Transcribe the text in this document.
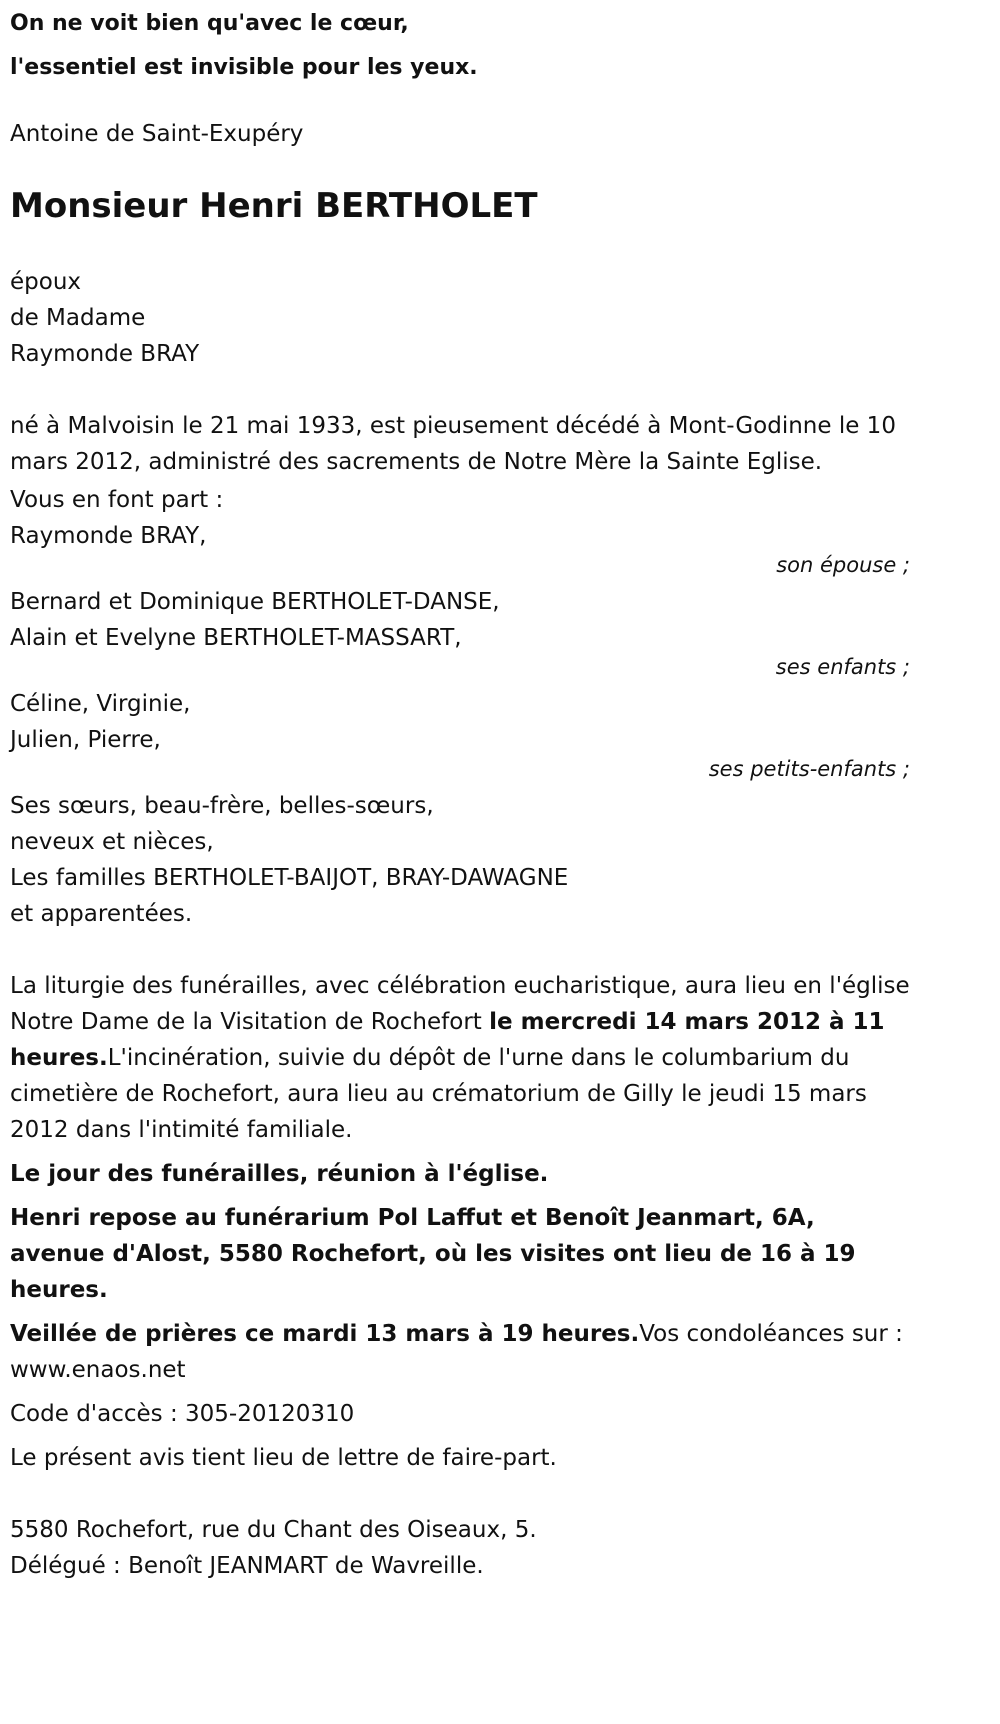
On ne voit bien qu'avec le cœur,
l'essentiel est invisible pour les yeux.
Antoine de Saint-Exupéry
Monsieur Henri BERTHOLET
époux
de Madame
Raymonde BRAY
né à Malvoisin le 21 mai 1933, est pieusement décédé à Mont-Godinne le 10 mars 2012, administré des sacrements de Notre Mère la Sainte Eglise.
Vous en font part :
Raymonde BRAY,
son épouse ;
Bernard et Dominique BERTHOLET-DANSE,
Alain et Evelyne BERTHOLET-MASSART,
ses enfants ;
Céline, Virginie,
Julien, Pierre,
ses petits-enfants ;
Ses sœurs, beau-frère, belles-sœurs,
neveux et nièces,
Les familles BERTHOLET-BAIJOT, BRAY-DAWAGNE
et apparentées.
La liturgie des funérailles, avec célébration eucharistique, aura lieu en l'église Notre Dame de la Visitation de Rochefort le mercredi 14 mars 2012 à 11 heures.L'incinération, suivie du dépôt de l'urne dans le columbarium du cimetière de Rochefort, aura lieu au crématorium de Gilly le jeudi 15 mars 2012 dans l'intimité familiale.
Le jour des funérailles, réunion à l'église.
Henri repose au funérarium Pol Laffut et Benoît Jeanmart, 6A, avenue d'Alost, 5580 Rochefort, où les visites ont lieu de 16 à 19 heures.
Veillée de prières ce mardi 13 mars à 19 heures.Vos condoléances sur : www.enaos.net
Code d'accès : 305-20120310
Le présent avis tient lieu de lettre de faire-part.
5580 Rochefort, rue du Chant des Oiseaux, 5.
Délégué : Benoît JEANMART de Wavreille.
